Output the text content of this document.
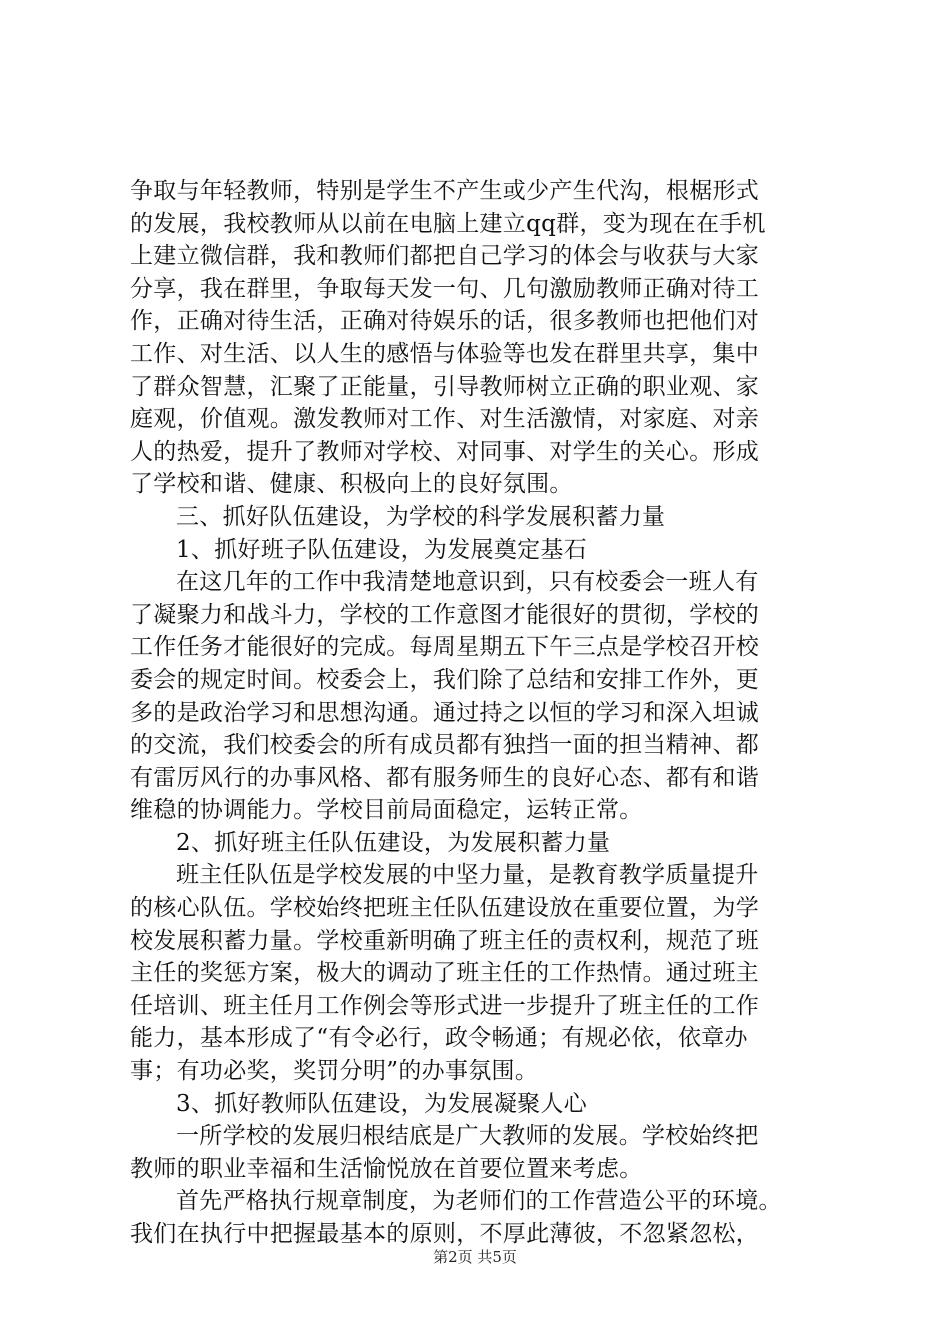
争取与年轻教师，特别是学生不产生或少产生代沟，根椐形式
的发展，我校教师从以前在电脑上建立qq群，变为现在在手机
上建立微信群，我和教师们都把自己学习的体会与收获与大家
分享，我在群里，争取每天发一句、几句激励教师正确对待工
作，正确对待生活，正确对待娱乐的话，很多教师也把他们对
工作、对生活、以人生的感悟与体验等也发在群里共享，集中
了群众智慧，汇聚了正能量，引导教师树立正确的职业观、家
庭观，价值观。激发教师对工作、对生活激情，对家庭、对亲
人的热爱，提升了教师对学校、对同事、对学生的关心。形成
了学校和谐、健康、积极向上的良好氛围。
三、抓好队伍建设，为学校的科学发展积蓄力量
1、抓好班子队伍建设，为发展奠定基石
在这几年的工作中我清楚地意识到，只有校委会一班人有
了凝聚力和战斗力，学校的工作意图才能很好的贯彻，学校的
工作任务才能很好的完成。每周星期五下午三点是学校召开校
委会的规定时间。校委会上，我们除了总结和安排工作外，更
多的是政治学习和思想沟通。通过持之以恒的学习和深入坦诚
的交流，我们校委会的所有成员都有独挡一面的担当精神、都
有雷厉风行的办事风格、都有服务师生的良好心态、都有和谐
维稳的协调能力。学校目前局面稳定，运转正常。
2、抓好班主任队伍建设，为发展积蓄力量
班主任队伍是学校发展的中坚力量，是教育教学质量提升
的核心队伍。学校始终把班主任队伍建设放在重要位置，为学
校发展积蓄力量。学校重新明确了班主任的责权利，规范了班
主任的奖惩方案，极大的调动了班主任的工作热情。通过班主
任培训、班主任月工作例会等形式进一步提升了班主任的工作
能力，基本形成了“有令必行，政令畅通；有规必依，依章办
事；有功必奖，奖罚分明”的办事氛围。
3、抓好教师队伍建设，为发展凝聚人心
一所学校的发展归根结底是广大教师的发展。学校始终把
教师的职业幸福和生活愉悦放在首要位置来考虑。
首先严格执行规章制度，为老师们的工作营造公平的环境。
我们在执行中把握最基本的原则，不厚此薄彼，不忽紧忽松，
第2页 共5页
